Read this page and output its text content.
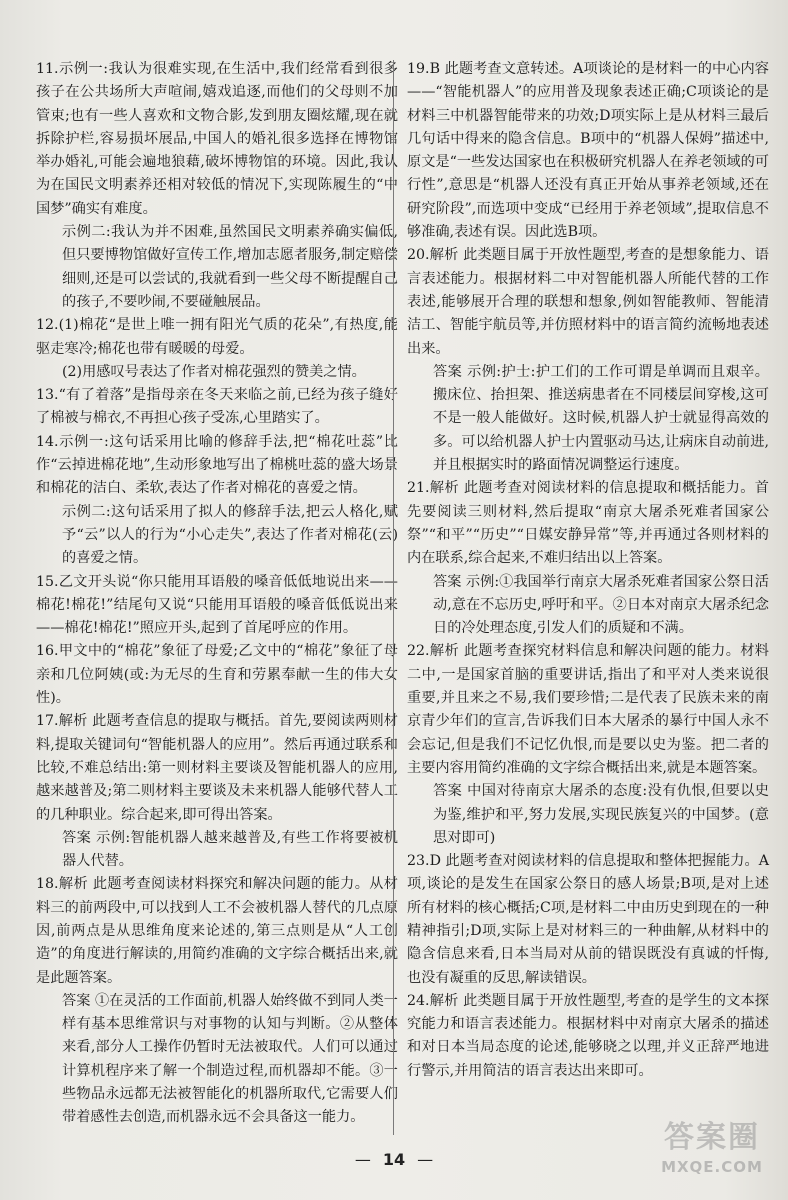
11.示例一:我认为很难实现,在生活中,我们经常看到很多孩子在公共场所大声喧闹,嬉戏追逐,而他们的父母则不加管束;也有一些人喜欢和文物合影,发到朋友圈炫耀,现在就拆除护栏,容易损坏展品,中国人的婚礼很多选择在博物馆举办婚礼,可能会遍地狼藉,破坏博物馆的环境。因此,我认为在国民文明素养还相对较低的情况下,实现陈履生的“中国梦”确实有难度。

示例二:我认为并不困难,虽然国民文明素养确实偏低,但只要博物馆做好宣传工作,增加志愿者服务,制定赔偿细则,还是可以尝试的,我就看到一些父母不断提醒自己的孩子,不要吵闹,不要碰触展品。

12.(1)棉花“是世上唯一拥有阳光气质的花朵”,有热度,能驱走寒冷;棉花也带有暖暖的母爱。

(2)用感叹号表达了作者对棉花强烈的赞美之情。

13.“有了着落”是指母亲在冬天来临之前,已经为孩子缝好了棉被与棉衣,不再担心孩子受冻,心里踏实了。

14.示例一:这句话采用比喻的修辞手法,把“棉花吐蕊”比作“云掉进棉花地”,生动形象地写出了棉桃吐蕊的盛大场景和棉花的洁白、柔软,表达了作者对棉花的喜爱之情。

示例二:这句话采用了拟人的修辞手法,把云人格化,赋予“云”以人的行为“小心走失”,表达了作者对棉花(云)的喜爱之情。

15.乙文开头说“你只能用耳语般的嗓音低低地说出来——棉花!棉花!”结尾句又说“只能用耳语般的嗓音低低说出来——棉花!棉花!”照应开头,起到了首尾呼应的作用。

16.甲文中的“棉花”象征了母爱;乙文中的“棉花”象征了母亲和几位阿姨(或:为无尽的生育和劳累奉献一生的伟大女性)。

17.解析 此题考查信息的提取与概括。首先,要阅读两则材料,提取关键词句“智能机器人的应用”。然后再通过联系和比较,不难总结出:第一则材料主要谈及智能机器人的应用,越来越普及;第二则材料主要谈及未来机器人能够代替人工的几种职业。综合起来,即可得出答案。

答案 示例:智能机器人越来越普及,有些工作将要被机器人代替。

18.解析 此题考查阅读材料探究和解决问题的能力。从材料三的前两段中,可以找到人工不会被机器人替代的几点原因,前两点是从思维角度来论述的,第三点则是从“人工创造”的角度进行解读的,用简约准确的文字综合概括出来,就是此题答案。

答案 ①在灵活的工作面前,机器人始终做不到同人类一样有基本思维常识与对事物的认知与判断。②从整体来看,部分人工操作仍暂时无法被取代。人们可以通过计算机程序来了解一个制造过程,而机器却不能。③一些物品永远都无法被智能化的机器所取代,它需要人们带着感性去创造,而机器永远不会具备这一能力。

19.B 此题考查文意转述。A项谈论的是材料一的中心内容——“智能机器人”的应用普及现象表述正确;C项谈论的是材料三中机器智能带来的功效;D项实际上是从材料三最后几句话中得来的隐含信息。B项中的“机器人保姆”描述中,原文是“一些发达国家也在积极研究机器人在养老领域的可行性”,意思是“机器人还没有真正开始从事养老领域,还在研究阶段”,而选项中变成“已经用于养老领域”,提取信息不够准确,表述有误。因此选B项。

20.解析 此类题目属于开放性题型,考查的是想象能力、语言表述能力。根据材料二中对智能机器人所能代替的工作表述,能够展开合理的联想和想象,例如智能教师、智能清洁工、智能宇航员等,并仿照材料中的语言简约流畅地表述出来。

答案 示例:护士:护工们的工作可谓是单调而且艰辛。搬床位、抬担架、推送病患者在不同楼层间穿梭,这可不是一般人能做好。这时候,机器人护士就显得高效的多。可以给机器人护士内置驱动马达,让病床自动前进,并且根据实时的路面情况调整运行速度。

21.解析 此题考查对阅读材料的信息提取和概括能力。首先要阅读三则材料,然后提取“南京大屠杀死难者国家公祭”“和平”“历史”“日媒安静异常”等,并再通过各则材料的内在联系,综合起来,不难归结出以上答案。

答案 示例:①我国举行南京大屠杀死难者国家公祭日活动,意在不忘历史,呼吁和平。②日本对南京大屠杀纪念日的冷处理态度,引发人们的质疑和不满。

22.解析 此题考查探究材料信息和解决问题的能力。材料二中,一是国家首脑的重要讲话,指出了和平对人类来说很重要,并且来之不易,我们要珍惜;二是代表了民族未来的南京青少年们的宣言,告诉我们日本大屠杀的暴行中国人永不会忘记,但是我们不记忆仇恨,而是要以史为鉴。把二者的主要内容用简约准确的文字综合概括出来,就是本题答案。

答案 中国对待南京大屠杀的态度:没有仇恨,但要以史为鉴,维护和平,努力发展,实现民族复兴的中国梦。(意思对即可)

23.D 此题考查对阅读材料的信息提取和整体把握能力。A项,谈论的是发生在国家公祭日的感人场景;B项,是对上述所有材料的核心概括;C项,是材料二中由历史到现在的一种精神指引;D项,实际上是对材料三的一种曲解,从材料中的隐含信息来看,日本当局对从前的错误既没有真诚的忏悔,也没有凝重的反思,解读错误。

24.解析 此类题目属于开放性题型,考查的是学生的文本探究能力和语言表述能力。根据材料中对南京大屠杀的描述和对日本当局态度的论述,能够晓之以理,并义正辞严地进行警示,并用简洁的语言表达出来即可。

— 14 —
答案圈
MXQE.COM
